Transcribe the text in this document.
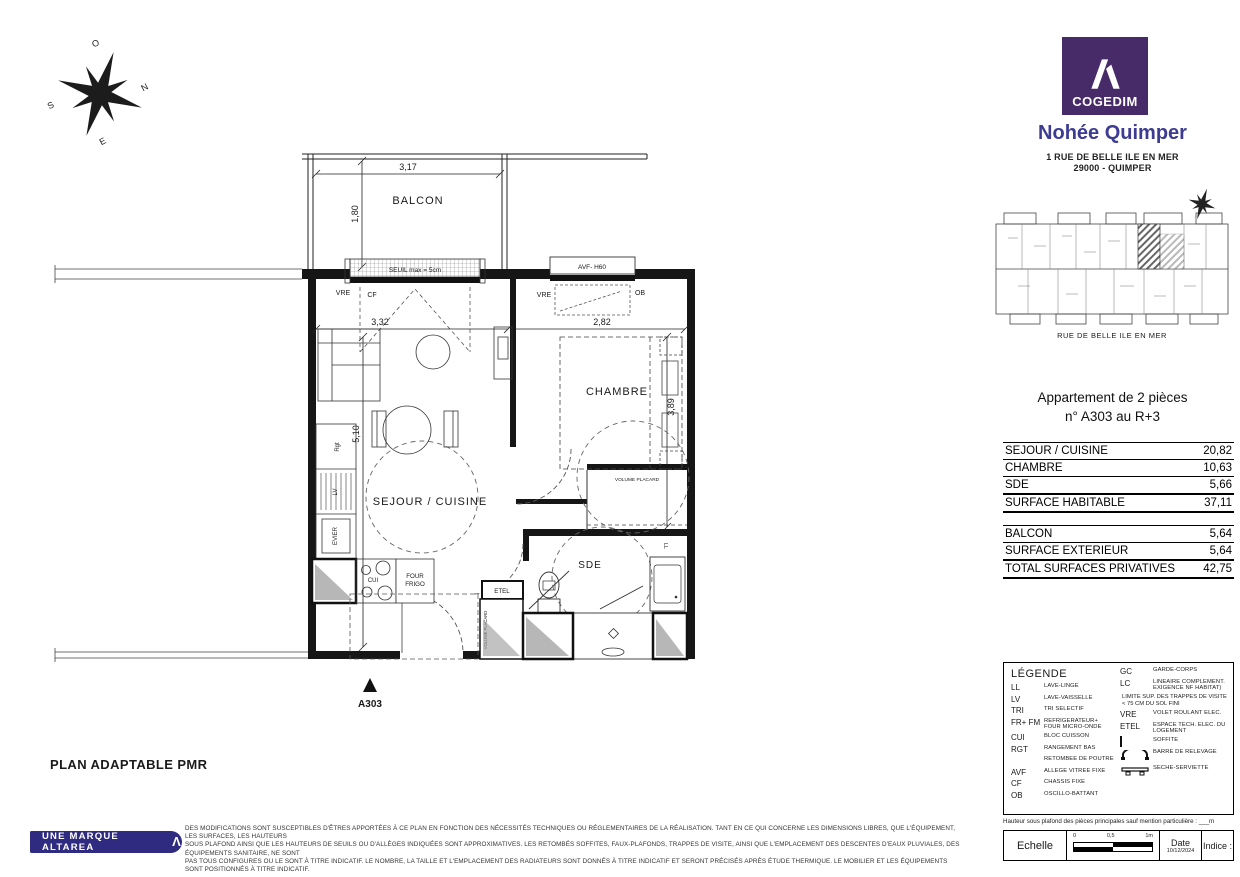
O
N
S
E
3,17
1,80
BALCON
SEUIL max = 5cm
VRE CF
AVF- H60
VRE	OB
3,32	2,82
5,10
3,89
SEJOUR / CUISINE
Rgt
LV
EVIER
CUI
FOUR
FRIGO
CHAMBRE
VOLUME PLACARD
ETEL
LL
SDE
A303
PLAN ADAPTABLE PMR
COGEDIM
Nohée Quimper
1 RUE DE BELLE ILE EN MER
29000 - QUIMPER
RUE DE BELLE ILE EN MER
Appartement de 2 pièces
n° A303 au R+3
SEJOUR / CUISINE	20,82
CHAMBRE	10,63
SDE	5,66
SURFACE HABITABLE	37,11
BALCON	5,64
SURFACE EXTERIEUR	5,64
TOTAL SURFACES PRIVATIVES 42,75
LÉGENDE
LL	LAVE-LINGE
LV	LAVE-VAISSELLE
TRI	TRI SELECTIF
FR+ FM REFRIGERATEUR+ FOUR MICRO-ONDE
CUI	BLOC CUISSON
RGT	RANGEMENT BAS
RETOMBEE DE POUTRE
AVF	ALLEGE VITREE FIXE
CF	CHASSIS FIXE
OB	OSCILLO-BATTANT
GC	GARDE-CORPS
LC	LINEAIRE COMPLEMENT. EXIGENCE NF HABITAT)
LIMITE SUP. DES TRAPPES DE VISITE < 75 CM DU SOL FINI
VRE	VOLET ROULANT ELEC.
ETEL	ESPACE TECH. ELEC. DU LOGEMENT
SOFFITE
BARRE DE RELEVAGE
SECHE-SERVIETTE
Hauteur sous plafond des pièces principales sauf mention particulière : ___m
Echelle
0	0,5	1m
Date
10/12/2024 Indice :
UNE MARQUE ALTAREA	Λ
DES MODIFICATIONS SONT SUSCEPTIBLES D'ÊTRES APPORTÉES À CE PLAN EN FONCTION DES NÉCESSITÉS TECHNIQUES OU RÉGLEMENTAIRES DE LA RÉALISATION. TANT EN CE QUI CONCERNE LES DIMENSIONS LIBRES, QUE L'ÉQUIPEMENT, LES SURFACES, LES HAUTEURS
SOUS PLAFOND AINSI QUE LES HAUTEURS DE SEUILS OU D'ALLÈGES INDIQUÉES SONT APPROXIMATIVES. LES RETOMBÉS SOFFITES, FAUX-PLAFONDS, TRAPPES DE VISITE, AINSI QUE L'EMPLACEMENT DES DESCENTES D'EAUX PLUVIALES, DES ÉQUIPEMENTS SANITAIRE, NE SONT
PAS TOUS CONFIGURES OU LE SONT À TITRE INDICATIF. LE NOMBRE, LA TAILLE ET L'EMPLACEMENT DES RADIATEURS SONT DONNÉS À TITRE INDICATIF ET SERONT PRÉCISÉS APRÈS ÉTUDE THERMIQUE. LE MOBILIER ET LES ÉQUIPEMENTS SONT POSITIONNÉS À TITRE INDICATIF.
